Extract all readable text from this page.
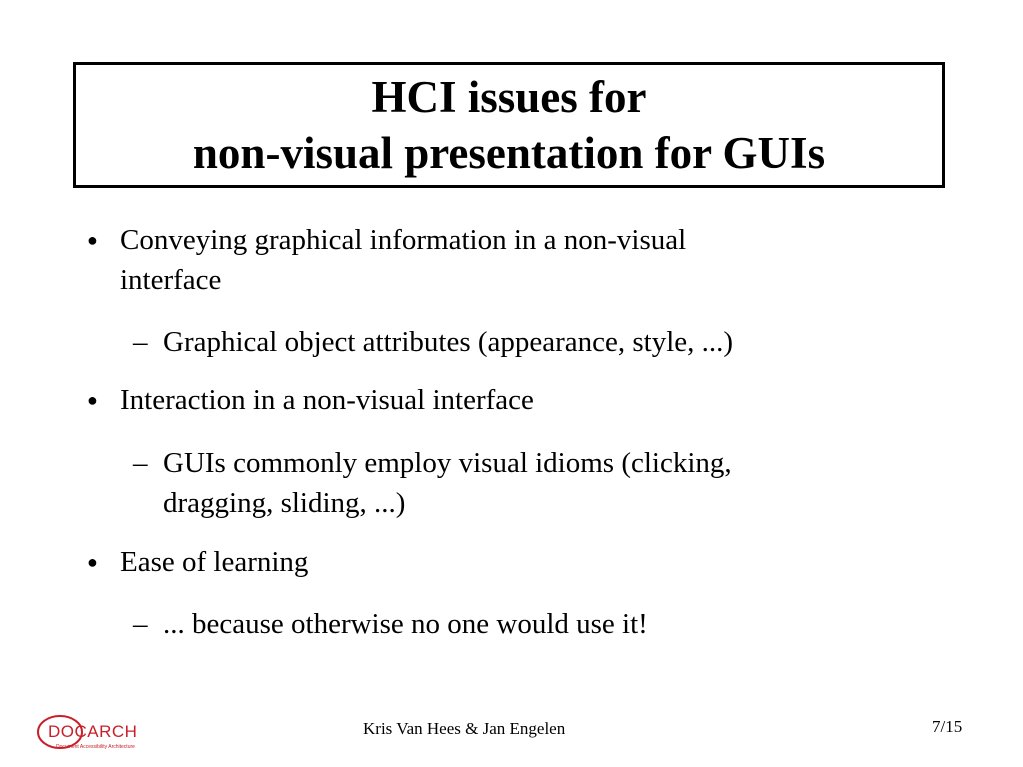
HCI issues for
non-visual presentation for GUIs
● Conveying graphical information in a non-visual
interface
– Graphical object attributes (appearance, style, ...)
● Interaction in a non-visual interface
– GUIs commonly employ visual idioms (clicking,
dragging, sliding, ...)
● Ease of learning
– ... because otherwise no one would use it!
DOCARCH
Document Accessibility Architecture
Kris Van Hees & Jan Engelen	7/15
